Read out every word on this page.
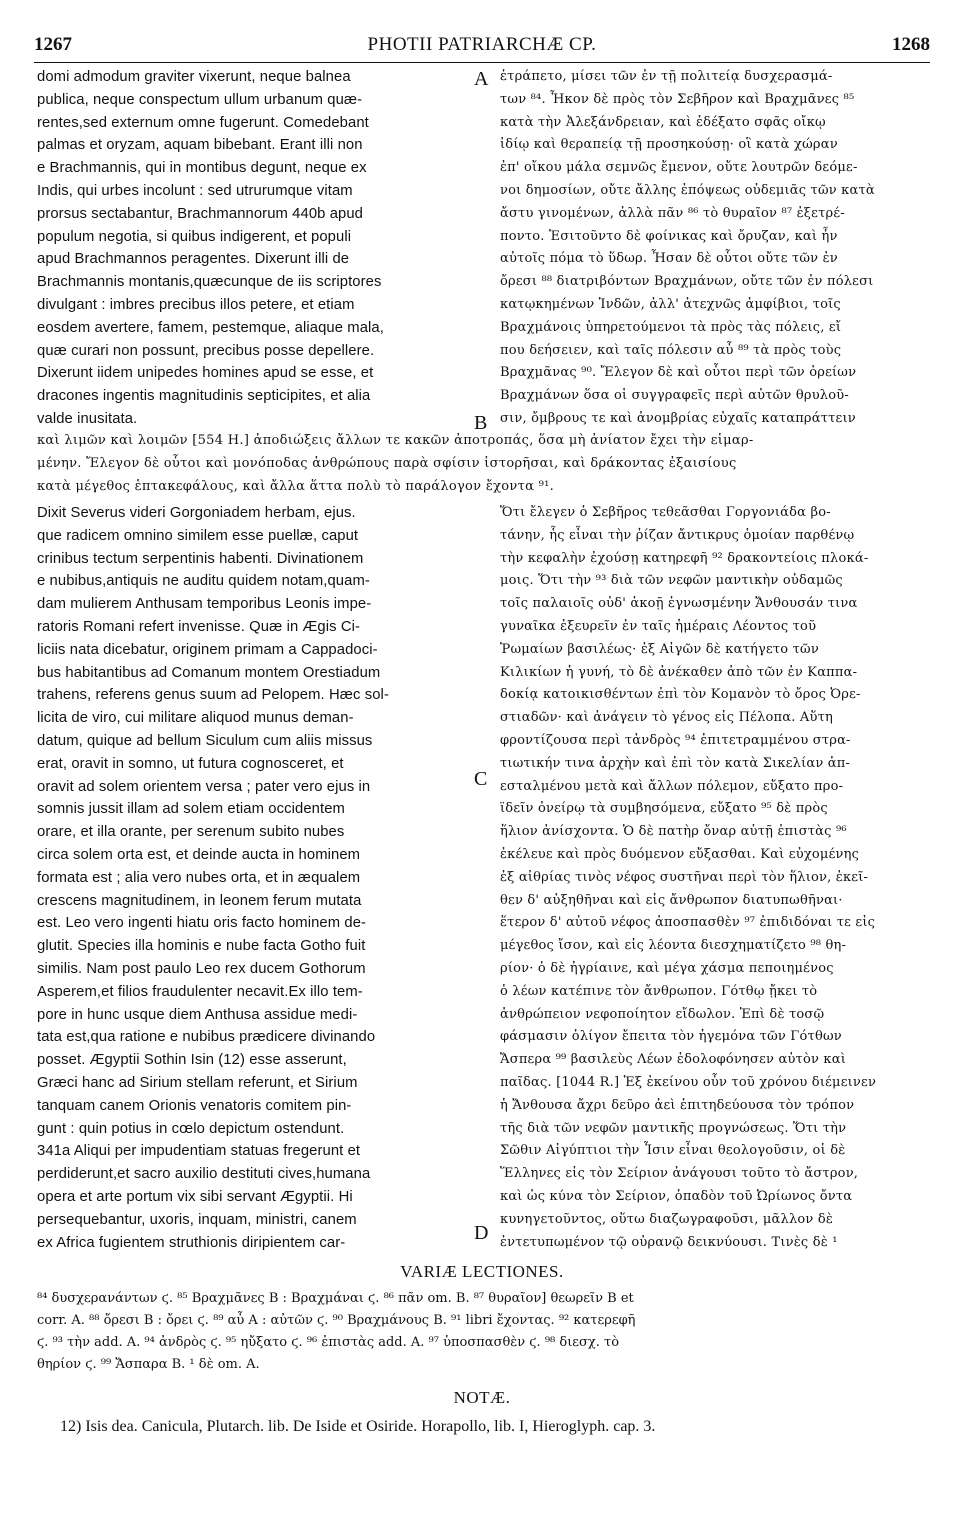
1267	PHOTII PATRIARCHÆ CP.	1268
domi admodum graviter vixerunt, neque balnea
publica, neque conspectum ullum urbanum quæ-
rentes,sed externum omne fugerunt. Comedebant
palmas et oryzam, aquam bibebant. Erant illi non
e Brachmannis, qui in montibus degunt, neque ex
Indis, qui urbes incolunt : sed utrurumque vitam
prorsus sectabantur, Brachmannorum 440b apud
populum negotia, si quibus indigerent, et populi
apud Brachmannos peragentes. Dixerunt illi de
Brachmannis montanis,quæcunque de iis scriptores
divulgant : imbres precibus illos petere, et etiam
eosdem avertere, famem, pestemque, aliaque mala,
quæ curari non possunt, precibus posse depellere.
Dixerunt iidem unipedes homines apud se esse, et
dracones ingentis magnitudinis septicipites, et alia
valde inusitata.
ἐτράπετο, μίσει τῶν ἐν τῇ πολιτείᾳ δυσχερασμά-
των ⁸⁴. Ἧκον δὲ πρὸς τὸν Σεβῆρον καὶ Βραχμᾶνες ⁸⁵
κατὰ τὴν Ἀλεξάνδρειαν, καὶ ἐδέξατο σφᾶς οἴκῳ
ἰδίῳ καὶ θεραπείᾳ τῇ προσηκούσῃ· οἳ κατὰ χώραν
ἐπ' οἴκου μάλα σεμνῶς ἔμενον, οὔτε λουτρῶν δεόμε-
νοι δημοσίων, οὔτε ἄλλης ἐπόψεως οὐδεμιᾶς τῶν κατὰ
ἄστυ γινομένων, ἀλλὰ πᾶν ⁸⁶ τὸ θυραῖον ⁸⁷ ἐξετρέ-
ποντο. Ἐσιτοῦντο δὲ φοίνικας καὶ ὄρυζαν, καὶ ἦν
αὐτοῖς πόμα τὸ ὕδωρ. Ἦσαν δὲ οὗτοι οὔτε τῶν ἐν
ὄρεσι ⁸⁸ διατριβόντων Βραχμάνων, οὔτε τῶν ἐν πόλεσι
κατῳκημένων Ἰνδῶν, ἀλλ' ἀτεχνῶς ἀμφίβιοι, τοῖς
Βραχμάνοις ὑπηρετούμενοι τὰ πρὸς τὰς πόλεις, εἴ
που δεήσειεν, καὶ ταῖς πόλεσιν αὖ ⁸⁹ τὰ πρὸς τοὺς
Βραχμᾶνας ⁹⁰. Ἔλεγον δὲ καὶ οὗτοι περὶ τῶν ὀρείων
Βραχμάνων ὅσα οἱ συγγραφεῖς περὶ αὐτῶν θρυλοῦ-
σιν, ὄμβρους τε καὶ ἀνομβρίας εὐχαῖς καταπράττειν
καὶ λιμῶν καὶ λοιμῶν [554 H.] ἀποδιώξεις ἄλλων τε κακῶν ἀποτροπάς, ὅσα μὴ ἀνίατον ἔχει τὴν εἱμαρ-
μένην. Ἔλεγον δὲ οὗτοι καὶ μονόποδας ἀνθρώπους παρὰ σφίσιν ἱστορῆσαι, καὶ δράκοντας ἐξαισίους
κατὰ μέγεθος ἑπτακεφάλους, καὶ ἄλλα ἅττα πολὺ τὸ παράλογον ἔχοντα ⁹¹.
Dixit Severus videri Gorgoniadem herbam, ejus.
que radicem omnino similem esse puellæ, caput
crinibus tectum serpentinis habenti. Divinationem
e nubibus,antiquis ne auditu quidem notam,quam-
dam mulierem Anthusam temporibus Leonis impe-
ratoris Romani refert invenisse. Quæ in Ægis Ci-
liciis nata dicebatur, originem primam a Cappadoci-
bus habitantibus ad Comanum montem Orestiadum
trahens, referens genus suum ad Pelopem. Hæc sol-
licita de viro, cui militare aliquod munus deman-
datum, quique ad bellum Siculum cum aliis missus
erat, oravit in somno, ut futura cognosceret, et
oravit ad solem orientem versa ; pater vero ejus in
somnis jussit illam ad solem etiam occidentem
orare, et illa orante, per serenum subito nubes
circa solem orta est, et deinde aucta in hominem
formata est ; alia vero nubes orta, et in æqualem
crescens magnitudinem, in leonem ferum mutata
est. Leo vero ingenti hiatu oris facto hominem de-
glutit. Species illa hominis e nube facta Gotho fuit
similis. Nam post paulo Leo rex ducem Gothorum
Asperem,et filios fraudulenter necavit.Ex illo tem-
pore in hunc usque diem Anthusa assidue medi-
tata est,qua ratione e nubibus prædicere divinando
posset. Ægyptii Sothin Isin (12) esse asserunt,
Græci hanc ad Sirium stellam referunt, et Sirium
tanquam canem Orionis venatoris comitem pin-
gunt : quin potius in cœlo depictum ostendunt.
341a Aliqui per impudentiam statuas fregerunt et
perdiderunt,et sacro auxilio destituti cives,humana
opera et arte portum vix sibi servant Ægyptii. Hi
persequebantur, uxoris, inquam, ministri, canem
ex Africa fugientem struthionis diripientem car-
Ὅτι ἔλεγεν ὁ Σεβῆρος τεθεᾶσθαι Γοργονιάδα βο-
τάνην, ἧς εἶναι τὴν ῥίζαν ἄντικρυς ὁμοίαν παρθένῳ
τὴν κεφαλὴν ἐχούσῃ κατηρεφῆ ⁹² δρακοντείοις πλοκά-
μοις. Ὅτι τὴν ⁹³ διὰ τῶν νεφῶν μαντικὴν οὐδαμῶς
τοῖς παλαιοῖς οὐδ' ἀκοῇ ἐγνωσμένην Ἄνθουσάν τινα
γυναῖκα ἐξευρεῖν ἐν ταῖς ἡμέραις Λέοντος τοῦ
Ῥωμαίων βασιλέως· ἐξ Αἰγῶν δὲ κατήγετο τῶν
Κιλικίων ἡ γυνή, τὸ δὲ ἀνέκαθεν ἀπὸ τῶν ἐν Καππα-
δοκίᾳ κατοικισθέντων ἐπὶ τὸν Κομανὸν τὸ ὄρος Ὀρε-
στιαδῶν· καὶ ἀνάγειν τὸ γένος εἰς Πέλοπα. Αὕτη
φροντίζουσα περὶ τἀνδρὸς ⁹⁴ ἐπιτετραμμένου στρα-
τιωτικήν τινα ἀρχὴν καὶ ἐπὶ τὸν κατὰ Σικελίαν ἀπ-
εσταλμένου μετὰ καὶ ἄλλων πόλεμον, εὔξατο προ-
ϊδεῖν ὀνείρῳ τὰ συμβησόμενα, εὔξατο ⁹⁵ δὲ πρὸς
ἥλιον ἀνίσχοντα. Ὁ δὲ πατὴρ ὄναρ αὐτῇ ἐπιστὰς ⁹⁶
ἐκέλευε καὶ πρὸς δυόμενον εὔξασθαι. Καὶ εὐχομένης
ἐξ αἰθρίας τινὸς νέφος συστῆναι περὶ τὸν ἥλιον, ἐκεῖ-
θεν δ' αὐξηθῆναι καὶ εἰς ἄνθρωπον διατυπωθῆναι·
ἕτερον δ' αὐτοῦ νέφος ἀποσπασθὲν ⁹⁷ ἐπιδιδόναι τε εἰς
μέγεθος ἴσον, καὶ εἰς λέοντα διεσχηματίζετο ⁹⁸ θη-
ρίον· ὁ δὲ ἠγρίαινε, καὶ μέγα χάσμα πεποιημένος
ὁ λέων κατέπινε τὸν ἄνθρωπον. Γότθῳ ᾔκει τὸ
ἀνθρώπειον νεφοποίητον εἴδωλον. Ἐπὶ δὲ τοσῷ
φάσμασιν ὀλίγον ἔπειτα τὸν ἡγεμόνα τῶν Γότθων
Ἄσπερα ⁹⁹ βασιλεὺς Λέων ἐδολοφόνησεν αὐτὸν καὶ
παῖδας. [1044 R.] Ἐξ ἐκείνου οὖν τοῦ χρόνου διέμεινεν
ἡ Ἄνθουσα ἄχρι δεῦρο ἀεὶ ἐπιτηδεύουσα τὸν τρόπον
τῆς διὰ τῶν νεφῶν μαντικῆς προγνώσεως. Ὅτι τὴν
Σῶθιν Αἰγύπτιοι τὴν Ἶσιν εἶναι θεολογοῦσιν, οἱ δὲ
Ἕλληνες εἰς τὸν Σείριον ἀνάγουσι τοῦτο τὸ ἄστρον,
καὶ ὡς κύνα τὸν Σείριον, ὀπαδὸν τοῦ Ὠρίωνος ὄντα
κυνηγετοῦντος, οὕτω διαζωγραφοῦσι, μᾶλλον δὲ
ἐντετυπωμένον τῷ οὐρανῷ δεικνύουσι. Τινὲς δὲ ¹
A
B
C
D
VARIÆ LECTIONES.
⁸⁴ δυσχερανάντων ϛ. ⁸⁵ Βραχμᾶνες B : Βραχμάναι ϛ. ⁸⁶ πᾶν om. B. ⁸⁷ θυραῖον] θεωρεῖν B et
corr. A. ⁸⁸ ὄρεσι B : ὄρει ϛ. ⁸⁹ αὖ A : αὐτῶν ϛ. ⁹⁰ Βραχμάνους B. ⁹¹ libri ἔχοντας. ⁹² κατερεφῆ
ϛ. ⁹³ τὴν add. A. ⁹⁴ ἀνδρὸς ϛ. ⁹⁵ ηὔξατο ϛ. ⁹⁶ ἐπιστὰς add. A. ⁹⁷ ὑποσπασθὲν ϛ. ⁹⁸ διεσχ. τὸ
θηρίον ϛ. ⁹⁹ Ἄσπαρα B. ¹ δὲ om. A.
NOTÆ.
12) Isis dea. Canicula, Plutarch. lib. De Iside et Osiride. Horapollo, lib. I, Hieroglyph. cap. 3.
